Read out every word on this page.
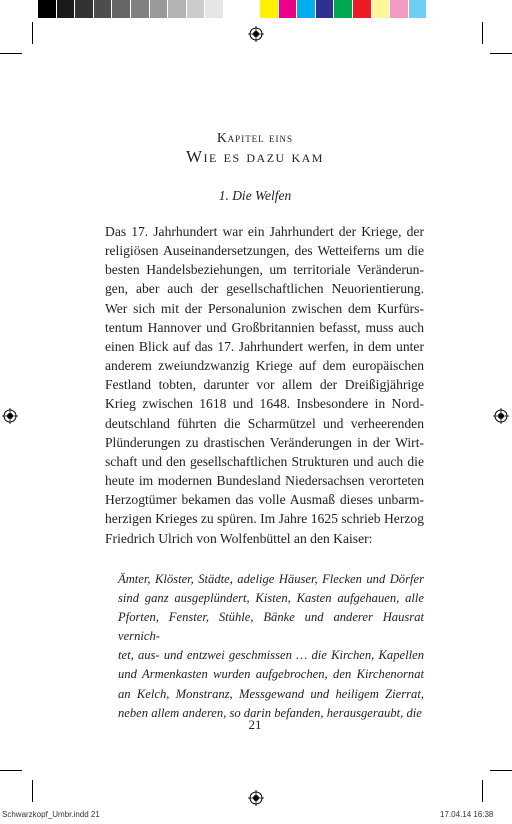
Kapitel eins
Wie es dazu kam
1. Die Welfen

Das 17. Jahrhundert war ein Jahrhundert der Kriege, der

religiösen Auseinandersetzungen, des Wetteiferns um die

besten Handelsbeziehungen, um territoriale Veränderun-

gen, aber auch der gesellschaftlichen Neuorientierung.

Wer sich mit der Personalunion zwischen dem Kurfürs-

tentum Hannover und Großbritannien befasst, muss auch

einen Blick auf das 17. Jahrhundert werfen, in dem unter

anderem zweiundzwanzig Kriege auf dem europäischen

Festland tobten, darunter vor allem der Dreißigjährige

Krieg zwischen 1618 und 1648. Insbesondere in Nord-

deutschland führten die Scharmützel und verheerenden

Plünderungen zu drastischen Veränderungen in der Wirt-

schaft und den gesellschaftlichen Strukturen und auch die

heute im modernen Bundesland Niedersachsen verorteten

Herzogtümer bekamen das volle Ausmaß dieses unbarm-

herzigen Krieges zu spüren. Im Jahre 1625 schrieb Herzog

Friedrich Ulrich von Wolfenbüttel an den Kaiser:

Ämter, Klöster, Städte, adelige Häuser, Flecken und Dörfer

sind ganz ausgeplündert, Kisten, Kasten aufgehauen, alle

Pforten, Fenster, Stühle, Bänke und anderer Hausrat vernich-

tet, aus- und entzwei geschmissen … die Kirchen, Kapellen

und Armenkasten wurden aufgebrochen, den Kirchenornat

an Kelch, Monstranz, Messgewand und heiligem Zierrat,

neben allem anderen, so darin befanden, herausgeraubt, die

21
Schwarzkopf_Umbr.indd 21	17.04.14 16:38
